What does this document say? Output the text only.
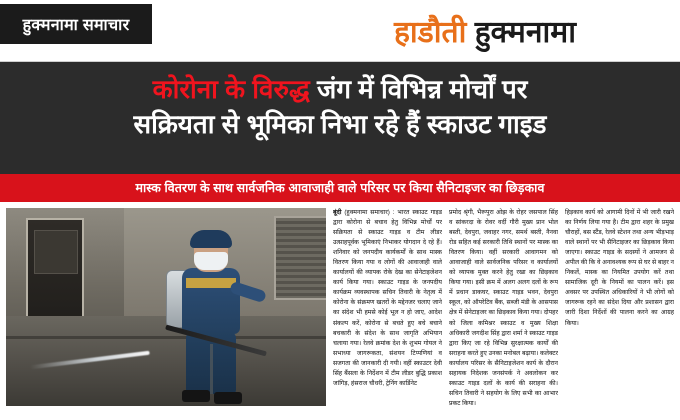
हुक्मनामा समाचार	हाडौती हुक्मनामा
कोरोना के विरुद्ध जंग में विभिन्न मोर्चों पर
सक्रियता से भूमिका निभा रहे हैं स्काउट गाइड
मास्क वितरण के साथ सार्वजनिक आवाजाही वाले परिसर पर किया सैनिटाइजर का छिड़काव

बूंदी (हुक्मनामा समाचार) : भारत स्काउट गाइड द्वारा कोरोना से बचाव हेतु विभिन्न मोर्चों पर सक्रियता से स्काउट गाइड व टीम लीडर उत्साहपूर्वक भूमिकाएं निभाकर योगदान दे रहे हैं। शनिवार को जनपदीय कार्यकर्मों के साथ मास्क वितरण किया गया व लोगों की आवाजाही वाले कार्यालयों की व्यापक रोके देख का सेनेटाइजेशन कार्य किया गया। स्काउट गाइड के जनपदीय कार्यक्रम व्यवस्थापक सचिन तिवारी के नेतृत्व में कोरोना के संक्रमण खतरों के मद्देनजर चलाए जाने का संदेश भी हमसे कोई भूल न हो जाए, आदेश संकल्प करें, कोरोना से बचते हुए बचे बचाने बचकारी के संदेश के साथ जागृति अभियान चलाया गया। रेलवे क्रमांक देश के शुभम गोयल ने सभाध्या जागरूकता, संशयन टिप्पणियां व सजगता की जानकारी दी गयी। वहीं स्काउटर देवी सिंह बैंसला के निर्देशन में टीम लीडर बुद्धि प्रकाश जांगिड़, हंसराज चौधरी, ट्रेनिंग कार्डिनेट

प्रमोद श्रृंगी, भैरूपुरा ओझ के रोहर जसपाल सिंह व सांकरदा के रोवर वर्दी गौरी मुख्य प्रान भोल बस्ती, देवपुरा, जवाहर नगर, समर्थ बस्ती, नैनवा रोड सहित कई सरकारी तिथि स्थानों पर मास्क का वितरण किया। वहीं सरकारी आवागमन को आवाजाही वाले सार्वजनिक परिसर व कार्यालयों को व्यापक मुक्त करने हेतु रखा का छिड़काव किया गया। इसी क्रम में अलग अलग दलों के रूप में प्रधान डाकघर, स्काउट गाइड भवन, देवपुरा स्कूल, को ऑपरेटिव बैंक, सब्जी मंडी के आसपास क्षेत्र में सेनेटाइजर का छिड़काव किया गया। दोपहर को जिला कमिश्नर स्काउट व मुख्य शिक्षा अधिकारी जगदीश सिंह द्वारा शर्मा ने स्काउट गाइड द्वारा किए जा रहे विभिन्न सुरक्षात्मक कार्यों की सराहना करते हुए उनका मनोबल बढ़ाया। कलेक्टर कार्यालय परिसर के सैनिटाइजेशन कार्य के दौरान सहायक निदेशक जनसंपर्क ने अवलोकन कर स्काउट गाइड दलों के कार्य की सराहना की। सचिन तिवारी ने सहयोग के लिए सभी का आभार प्रकट किया।

हिड़काव कार्य को आगामी दिनों में भी जारी रखने का निर्णय लिया गया है। टीम द्वारा शहर के प्रमुख चौराहों, बस स्टैंड, रेलवे स्टेशन तथा अन्य भीड़भाड़ वाले स्थानों पर भी सैनिटाइजर का छिड़काव किया जाएगा। स्काउट गाइड के सदस्यों ने आमजन से अपील की कि वे अनावश्यक रूप से घर से बाहर न निकलें, मास्क का नियमित उपयोग करें तथा सामाजिक दूरी के नियमों का पालन करें। इस अवसर पर उपस्थित अधिकारियों ने भी लोगों को जागरूक रहने का संदेश दिया और प्रशासन द्वारा जारी दिशा निर्देशों की पालना करने का आग्रह किया।
